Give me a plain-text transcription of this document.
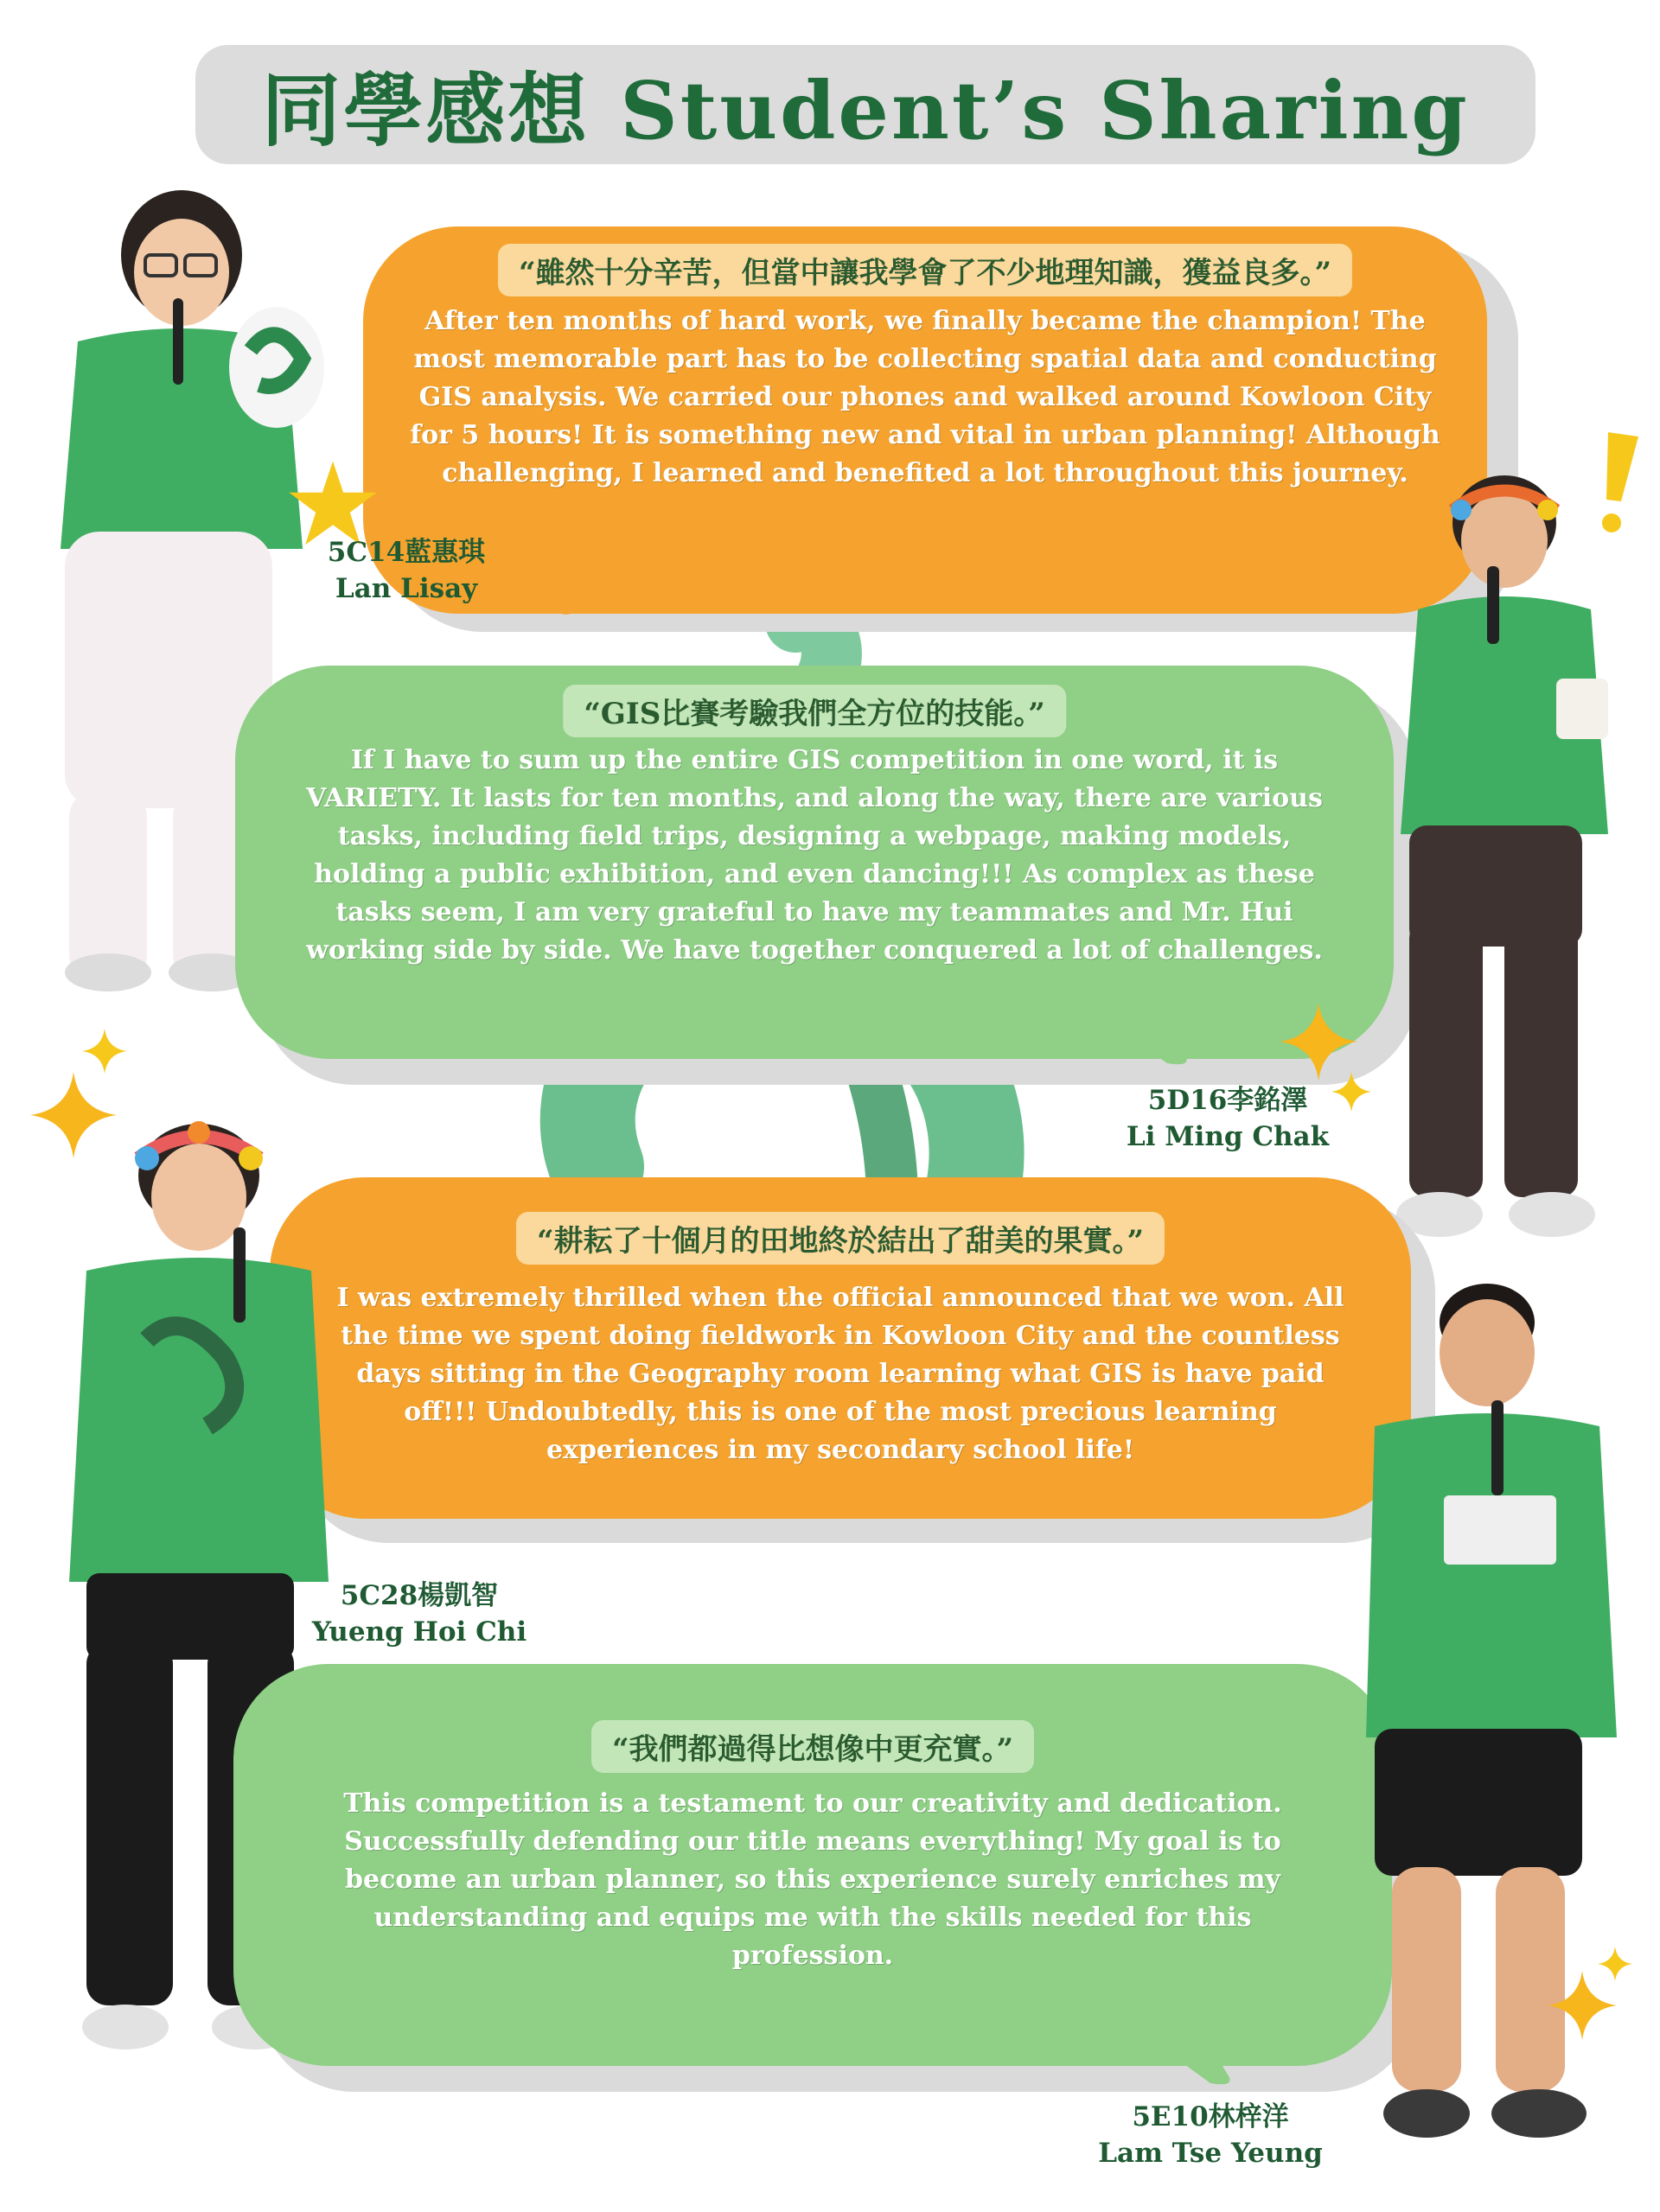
同學感想 Student’s Sharing
“雖然十分辛苦，但當中讓我學會了不少地理知識，獲益良多。”
After ten months of hard work, we finally became the champion! The most memorable part has to be collecting spatial data and conducting GIS analysis. We carried our phones and walked around Kowloon City for 5 hours! It is something new and vital in urban planning! Although challenging, I learned and benefited a lot throughout this journey.
5C14藍惠琪
Lan Lisay
“GIS比賽考驗我們全方位的技能。”
If I have to sum up the entire GIS competition in one word, it is VARIETY. It lasts for ten months, and along the way, there are various tasks, including field trips, designing a webpage, making models, holding a public exhibition, and even dancing!!! As complex as these tasks seem, I am very grateful to have my teammates and Mr. Hui working side by side. We have together conquered a lot of challenges.
5D16李銘澤
Li Ming Chak
“耕耘了十個月的田地終於結出了甜美的果實。”
I was extremely thrilled when the official announced that we won. All the time we spent doing fieldwork in Kowloon City and the countless days sitting in the Geography room learning what GIS is have paid off!!! Undoubtedly, this is one of the most precious learning experiences in my secondary school life!
5C28楊凱智
Yueng Hoi Chi
“我們都過得比想像中更充實。”
This competition is a testament to our creativity and dedication. Successfully defending our title means everything! My goal is to become an urban planner, so this experience surely enriches my understanding and equips me with the skills needed for this profession.
5E10林梓洋
Lam Tse Yeung
